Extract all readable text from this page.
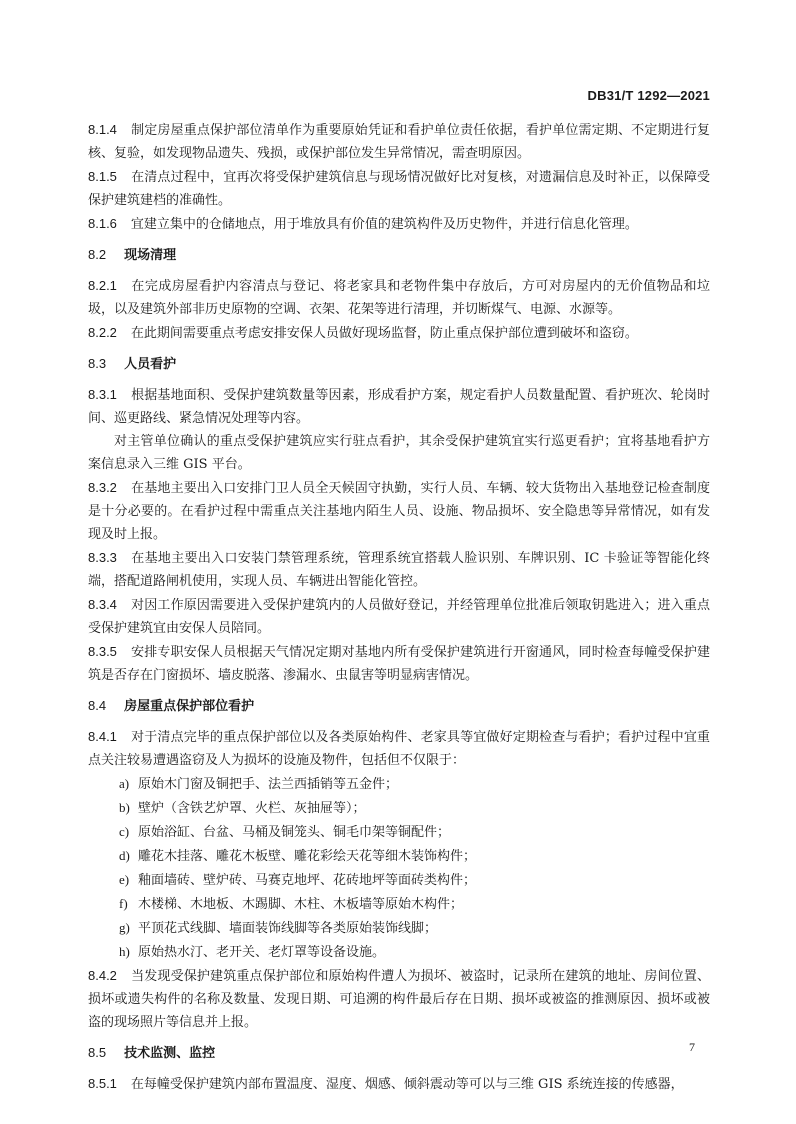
DB31/T 1292—2021

8.1.4 制定房屋重点保护部位清单作为重要原始凭证和看护单位责任依据，看护单位需定期、不定期进行复核、复验，如发现物品遗失、残损，或保护部位发生异常情况，需查明原因。

8.1.5 在清点过程中，宜再次将受保护建筑信息与现场情况做好比对复核，对遗漏信息及时补正，以保障受保护建筑建档的准确性。

8.1.6 宜建立集中的仓储地点，用于堆放具有价值的建筑构件及历史物件，并进行信息化管理。

8.2 现场清理

8.2.1 在完成房屋看护内容清点与登记、将老家具和老物件集中存放后，方可对房屋内的无价值物品和垃圾，以及建筑外部非历史原物的空调、衣架、花架等进行清理，并切断煤气、电源、水源等。

8.2.2 在此期间需要重点考虑安排安保人员做好现场监督，防止重点保护部位遭到破坏和盗窃。

8.3 人员看护

8.3.1 根据基地面积、受保护建筑数量等因素，形成看护方案，规定看护人员数量配置、看护班次、轮岗时间、巡更路线、紧急情况处理等内容。

对主管单位确认的重点受保护建筑应实行驻点看护，其余受保护建筑宜实行巡更看护；宜将基地看护方案信息录入三维 GIS 平台。

8.3.2 在基地主要出入口安排门卫人员全天候固守执勤，实行人员、车辆、较大货物出入基地登记检查制度是十分必要的。在看护过程中需重点关注基地内陌生人员、设施、物品损坏、安全隐患等异常情况，如有发现及时上报。

8.3.3 在基地主要出入口安装门禁管理系统，管理系统宜搭载人脸识别、车牌识别、IC 卡验证等智能化终端，搭配道路闸机使用，实现人员、车辆进出智能化管控。

8.3.4 对因工作原因需要进入受保护建筑内的人员做好登记，并经管理单位批准后领取钥匙进入；进入重点受保护建筑宜由安保人员陪同。

8.3.5 安排专职安保人员根据天气情况定期对基地内所有受保护建筑进行开窗通风，同时检查每幢受保护建筑是否存在门窗损坏、墙皮脱落、渗漏水、虫鼠害等明显病害情况。

8.4 房屋重点保护部位看护

8.4.1 对于清点完毕的重点保护部位以及各类原始构件、老家具等宜做好定期检查与看护；看护过程中宜重点关注较易遭遇盗窃及人为损坏的设施及物件，包括但不仅限于：

a) 原始木门窗及铜把手、法兰西插销等五金件；

b) 壁炉（含铁艺炉罩、火栏、灰抽屉等）；

c) 原始浴缸、台盆、马桶及铜笼头、铜毛巾架等铜配件；

d) 雕花木挂落、雕花木板壁、雕花彩绘天花等细木装饰构件；

e) 釉面墙砖、壁炉砖、马赛克地坪、花砖地坪等面砖类构件；

f) 木楼梯、木地板、木踢脚、木柱、木板墙等原始木构件；

g) 平顶花式线脚、墙面装饰线脚等各类原始装饰线脚；

h) 原始热水汀、老开关、老灯罩等设备设施。

8.4.2 当发现受保护建筑重点保护部位和原始构件遭人为损坏、被盗时，记录所在建筑的地址、房间位置、损坏或遗失构件的名称及数量、发现日期、可追溯的构件最后存在日期、损坏或被盗的推测原因、损坏或被盗的现场照片等信息并上报。

8.5 技术监测、监控

8.5.1 在每幢受保护建筑内部布置温度、湿度、烟感、倾斜震动等可以与三维 GIS 系统连接的传感器，

7
